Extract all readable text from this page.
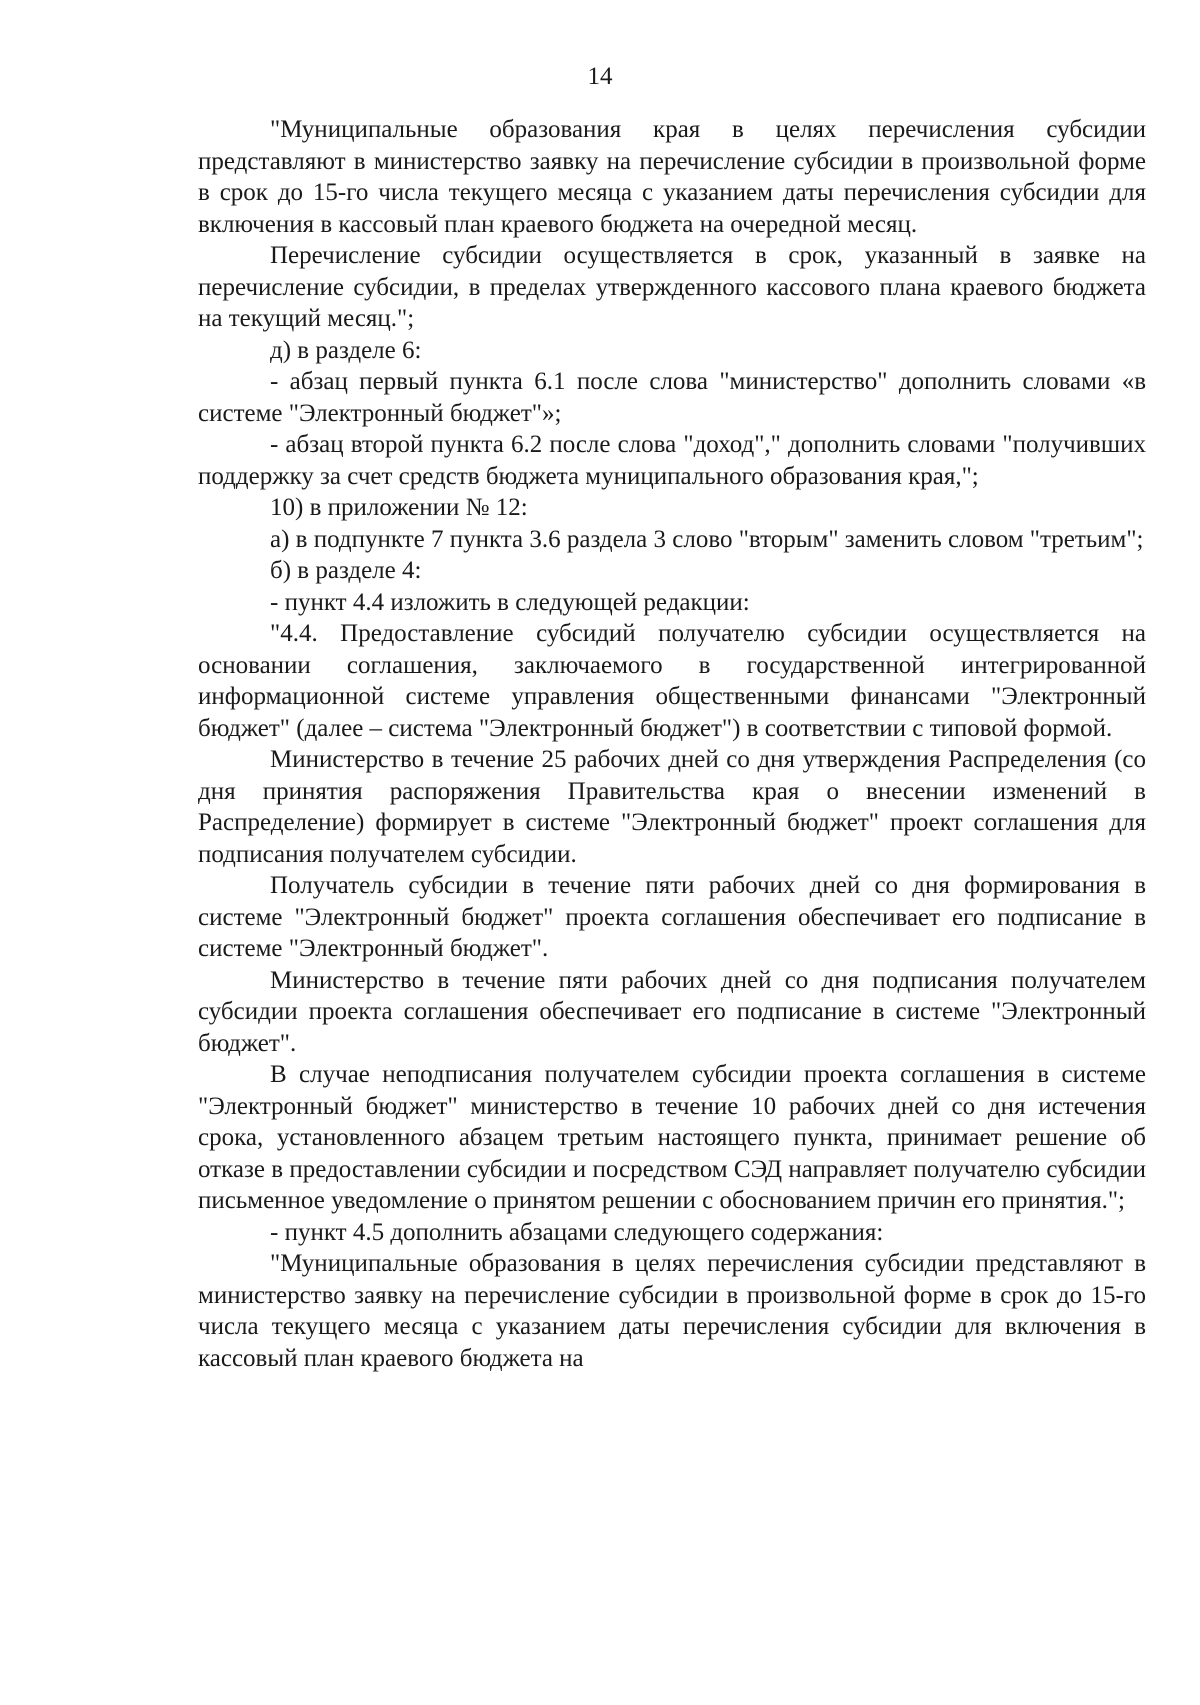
14

"Муниципальные образования края в целях перечисления субсидии представляют в министерство заявку на перечисление субсидии в произвольной форме в срок до 15-го числа текущего месяца с указанием даты перечисления субсидии для включения в кассовый план краевого бюджета на очередной месяц.

Перечисление субсидии осуществляется в срок, указанный в заявке на перечисление субсидии, в пределах утвержденного кассового плана краевого бюджета на текущий месяц.";

д) в разделе 6:

- абзац первый пункта 6.1 после слова "министерство" дополнить словами «в системе "Электронный бюджет"»;

- абзац второй пункта 6.2 после слова "доход"," дополнить словами "получивших поддержку за счет средств бюджета муниципального образования края,";

10) в приложении № 12:

а) в подпункте 7 пункта 3.6 раздела 3 слово "вторым" заменить словом "третьим";

б) в разделе 4:

- пункт 4.4 изложить в следующей редакции:

"4.4. Предоставление субсидий получателю субсидии осуществляется на основании соглашения, заключаемого в государственной интегрированной информационной системе управления общественными финансами "Электронный бюджет" (далее – система "Электронный бюджет") в соответствии с типовой формой.

Министерство в течение 25 рабочих дней со дня утверждения Распределения (со дня принятия распоряжения Правительства края о внесении изменений в Распределение) формирует в системе "Электронный бюджет" проект соглашения для подписания получателем субсидии.

Получатель субсидии в течение пяти рабочих дней со дня формирования в системе "Электронный бюджет" проекта соглашения обеспечивает его подписание в системе "Электронный бюджет".

Министерство в течение пяти рабочих дней со дня подписания получателем субсидии проекта соглашения обеспечивает его подписание в системе "Электронный бюджет".

В случае неподписания получателем субсидии проекта соглашения в системе "Электронный бюджет" министерство в течение 10 рабочих дней со дня истечения срока, установленного абзацем третьим настоящего пункта, принимает решение об отказе в предоставлении субсидии и посредством СЭД направляет получателю субсидии письменное уведомление о принятом решении с обоснованием причин его принятия.";

- пункт 4.5 дополнить абзацами следующего содержания:

"Муниципальные образования в целях перечисления субсидии представляют в министерство заявку на перечисление субсидии в произвольной форме в срок до 15-го числа текущего месяца с указанием даты перечисления субсидии для включения в кассовый план краевого бюджета на
